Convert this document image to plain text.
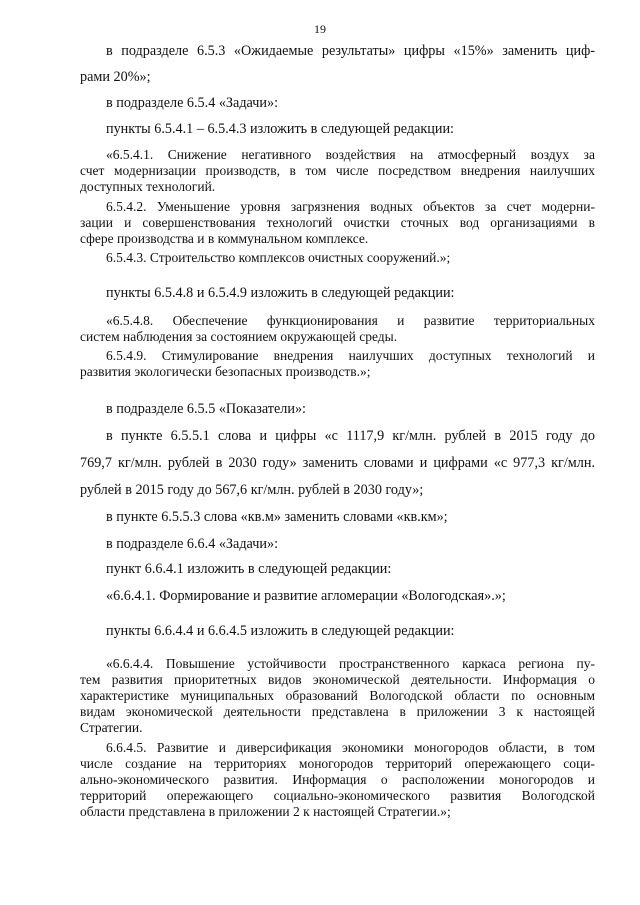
19
в подразделе 6.5.3 «Ожидаемые результаты» цифры «15%» заменить циф-
рами 20%»;
в подразделе 6.5.4 «Задачи»:
пункты 6.5.4.1 – 6.5.4.3 изложить в следующей редакции:
«6.5.4.1. Снижение негативного воздействия на атмосферный воздух за
счет модернизации производств, в том числе посредством внедрения наилучших
доступных технологий.
6.5.4.2. Уменьшение уровня загрязнения водных объектов за счет модерни-
зации и совершенствования технологий очистки сточных вод организациями в
сфере производства и в коммунальном комплексе.
6.5.4.3. Строительство комплексов очистных сооружений.»;
пункты 6.5.4.8 и 6.5.4.9 изложить в следующей редакции:
«6.5.4.8. Обеспечение функционирования и развитие территориальных
систем наблюдения за состоянием окружающей среды.
6.5.4.9. Стимулирование внедрения наилучших доступных технологий и
развития экологически безопасных производств.»;
в подразделе 6.5.5 «Показатели»:
в пункте 6.5.5.1 слова и цифры «с 1117,9 кг/млн. рублей в 2015 году до
769,7 кг/млн. рублей в 2030 году» заменить словами и цифрами «с 977,3 кг/млн.
рублей в 2015 году до 567,6 кг/млн. рублей в 2030 году»;
в пункте 6.5.5.3 слова «кв.м» заменить словами «кв.км»;
в подразделе 6.6.4 «Задачи»:
пункт 6.6.4.1 изложить в следующей редакции:
«6.6.4.1. Формирование и развитие агломерации «Вологодская».»;
пункты 6.6.4.4 и 6.6.4.5 изложить в следующей редакции:
«6.6.4.4. Повышение устойчивости пространственного каркаса региона пу-
тем развития приоритетных видов экономической деятельности. Информация о
характеристике муниципальных образований Вологодской области по основным
видам экономической деятельности представлена в приложении 3 к настоящей
Стратегии.
6.6.4.5. Развитие и диверсификация экономики моногородов области, в том
числе создание на территориях моногородов территорий опережающего соци-
ально-экономического развития. Информация о расположении моногородов и
территорий опережающего социально-экономического развития Вологодской
области представлена в приложении 2 к настоящей Стратегии.»;
